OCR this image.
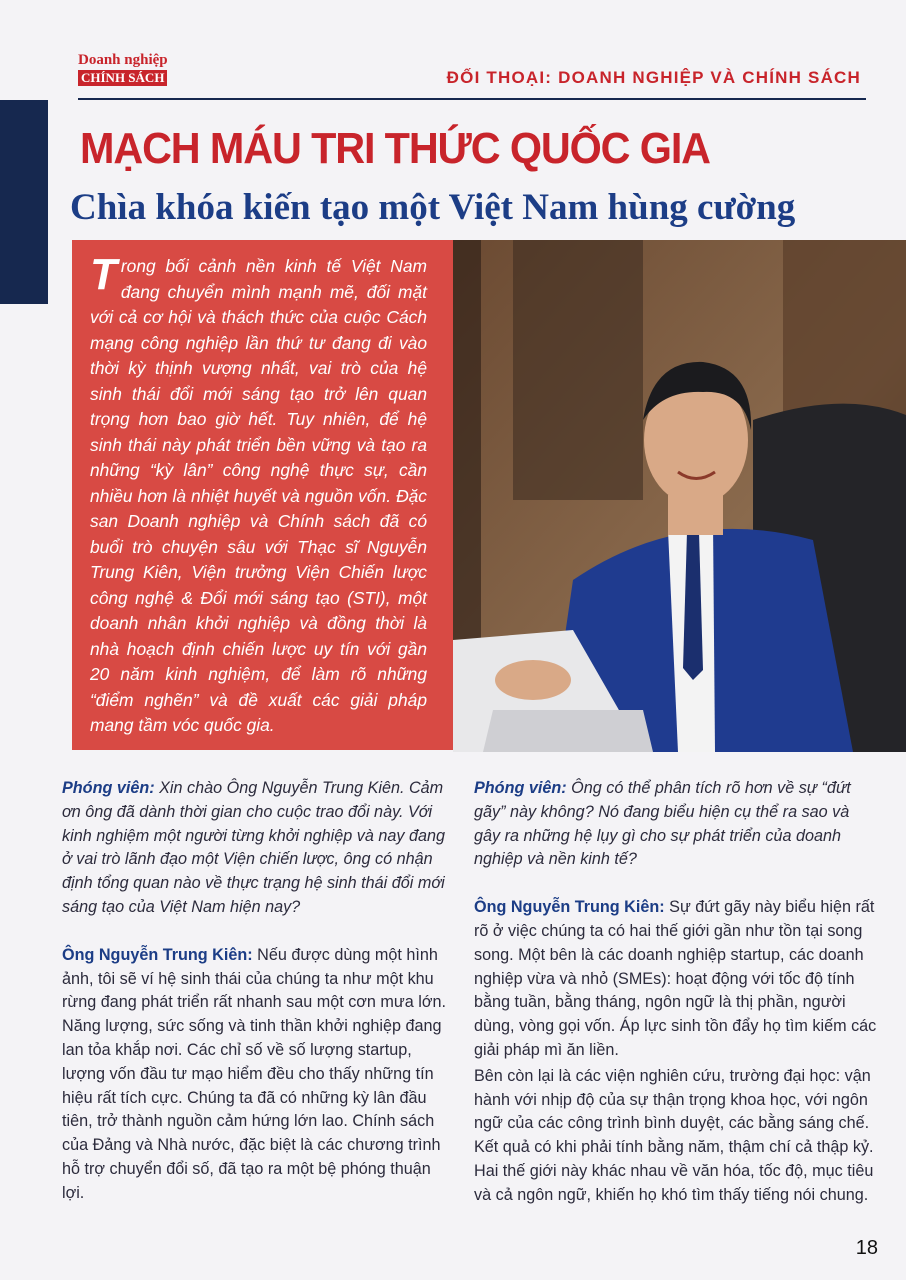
Doanh nghiệp
CHÍNH SÁCH	ĐỐI THOẠI: DOANH NGHIỆP VÀ CHÍNH SÁCH
MẠCH MÁU TRI THỨC QUỐC GIA
Chìa khóa kiến tạo một Việt Nam hùng cường
Trong bối cảnh nền kinh tế Việt Nam đang chuyển mình mạnh mẽ, đối mặt với cả cơ hội và thách thức của cuộc Cách mạng công nghiệp lần thứ tư đang đi vào thời kỳ thịnh vượng nhất, vai trò của hệ sinh thái đổi mới sáng tạo trở lên quan trọng hơn bao giờ hết. Tuy nhiên, để hệ sinh thái này phát triển bền vững và tạo ra những “kỳ lân” công nghệ thực sự, cần nhiều hơn là nhiệt huyết và nguồn vốn. Đặc san Doanh nghiệp và Chính sách đã có buổi trò chuyện sâu với Thạc sĩ Nguyễn Trung Kiên, Viện trưởng Viện Chiến lược công nghệ & Đổi mới sáng tạo (STI), một doanh nhân khởi nghiệp và đồng thời là nhà hoạch định chiến lược uy tín với gần 20 năm kinh nghiệm, để làm rõ những “điểm nghẽn” và đề xuất các giải pháp mang tầm vóc quốc gia.

Phóng viên: Xin chào Ông Nguyễn Trung Kiên. Cảm ơn ông đã dành thời gian cho cuộc trao đổi này. Với kinh nghiệm một người từng khởi nghiệp và nay đang ở vai trò lãnh đạo một Viện chiến lược, ông có nhận định tổng quan nào về thực trạng hệ sinh thái đổi mới sáng tạo của Việt Nam hiện nay?

Ông Nguyễn Trung Kiên: Nếu được dùng một hình ảnh, tôi sẽ ví hệ sinh thái của chúng ta như một khu rừng đang phát triển rất nhanh sau một cơn mưa lớn. Năng lượng, sức sống và tinh thần khởi nghiệp đang lan tỏa khắp nơi. Các chỉ số về số lượng startup, lượng vốn đầu tư mạo hiểm đều cho thấy những tín hiệu rất tích cực. Chúng ta đã có những kỳ lân đầu tiên, trở thành nguồn cảm hứng lớn lao. Chính sách của Đảng và Nhà nước, đặc biệt là các chương trình hỗ trợ chuyển đổi số, đã tạo ra một bệ phóng thuận lợi.

Phóng viên: Ông có thể phân tích rõ hơn về sự “đứt gãy” này không? Nó đang biểu hiện cụ thể ra sao và gây ra những hệ lụy gì cho sự phát triển của doanh nghiệp và nền kinh tế?

Ông Nguyễn Trung Kiên: Sự đứt gãy này biểu hiện rất rõ ở việc chúng ta có hai thế giới gần như tồn tại song song. Một bên là các doanh nghiệp startup, các doanh nghiệp vừa và nhỏ (SMEs): hoạt động với tốc độ tính bằng tuần, bằng tháng, ngôn ngữ là thị phần, người dùng, vòng gọi vốn. Áp lực sinh tồn đẩy họ tìm kiếm các giải pháp mì ăn liền.

Bên còn lại là các viện nghiên cứu, trường đại học: vận hành với nhịp độ của sự thận trọng khoa học, với ngôn ngữ của các công trình bình duyệt, các bằng sáng chế. Kết quả có khi phải tính bằng năm, thậm chí cả thập kỷ. Hai thế giới này khác nhau về văn hóa, tốc độ, mục tiêu và cả ngôn ngữ, khiến họ khó tìm thấy tiếng nói chung.

18
